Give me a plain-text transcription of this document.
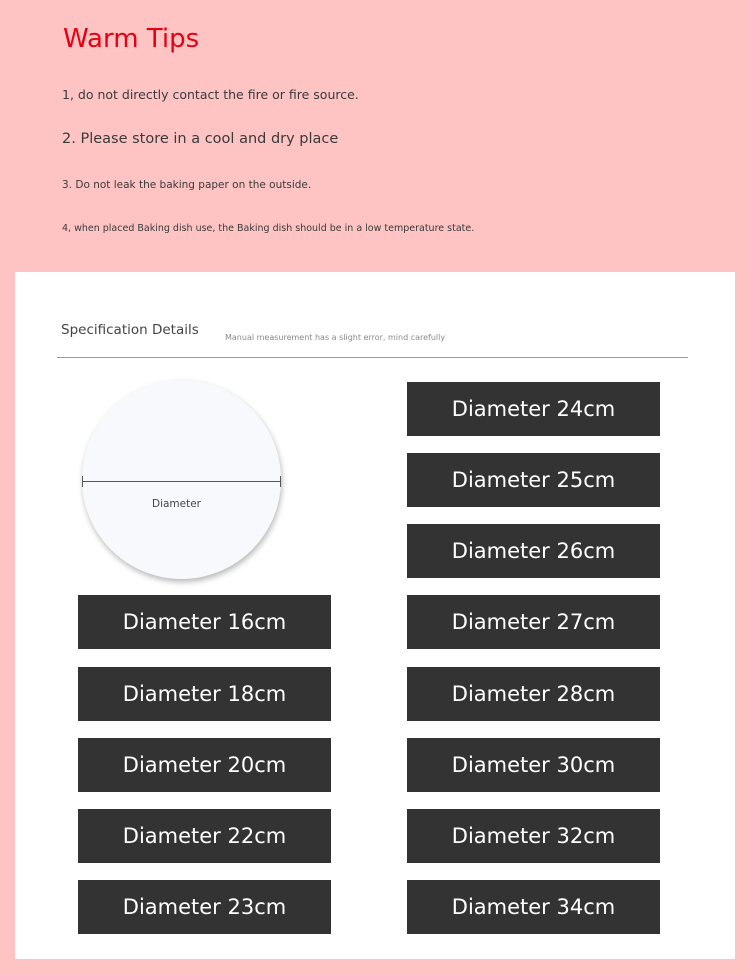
Warm Tips

1, do not directly contact the fire or fire source.

2. Please store in a cool and dry place

3. Do not leak the baking paper on the outside.

4, when placed Baking dish use, the Baking dish should be in a low temperature state.

Specification Details	Manual measurement has a slight error, mind carefully
Diameter
Diameter 16cm
Diameter 18cm
Diameter 20cm
Diameter 22cm
Diameter 23cm
Diameter 24cm
Diameter 25cm
Diameter 26cm
Diameter 27cm
Diameter 28cm
Diameter 30cm
Diameter 32cm
Diameter 34cm
